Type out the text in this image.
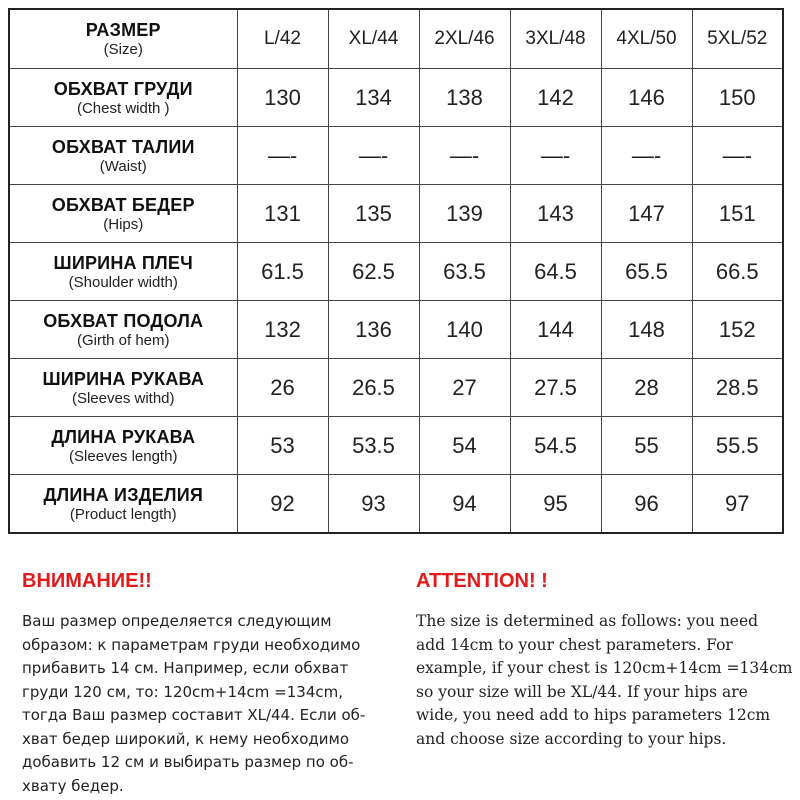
РАЗМЕР
(Size)	L/42	XL/44	2XL/46	3XL/48	4XL/50	5XL/52

ОБХВАТ ГРУДИ
(Chest width )	130	134	138	142	146	150

ОБХВАТ ТАЛИИ
(Waist)	—-	—-	—-	—-	—-	—-

ОБХВАТ БЕДЕР
(Hips)	131	135	139	143	147	151

ШИРИНА ПЛЕЧ
(Shoulder width)	61.5	62.5	63.5	64.5	65.5	66.5

ОБХВАТ ПОДОЛА
(Girth of hem)	132	136	140	144	148	152

ШИРИНА РУКАВА
(Sleeves withd)	26	26.5	27	27.5	28	28.5

ДЛИНА РУКАВА
(Sleeves length)	53	53.5	54	54.5	55	55.5

ДЛИНА ИЗДЕЛИЯ
(Product length)	92	93	94	95	96	97
ВНИМАНИЕ!!
Ваш размер определяется следующим
образом: к параметрам груди необходимо
прибавить 14 см. Например, если обхват
груди 120 см, то: 120cm+14cm =134cm,
тогда Ваш размер составит XL/44. Если об-
хват бедер широкий, к нему необходимо
добавить 12 см и выбирать размер по об-
хвату бедер.
ATTENTION! !
The size is determined as follows: you need
add 14cm to your chest parameters. For
example, if your chest is 120cm+14cm =134cm
so your size will be XL/44. If your hips are
wide, you need add to hips parameters 12cm
and choose size according to your hips.
